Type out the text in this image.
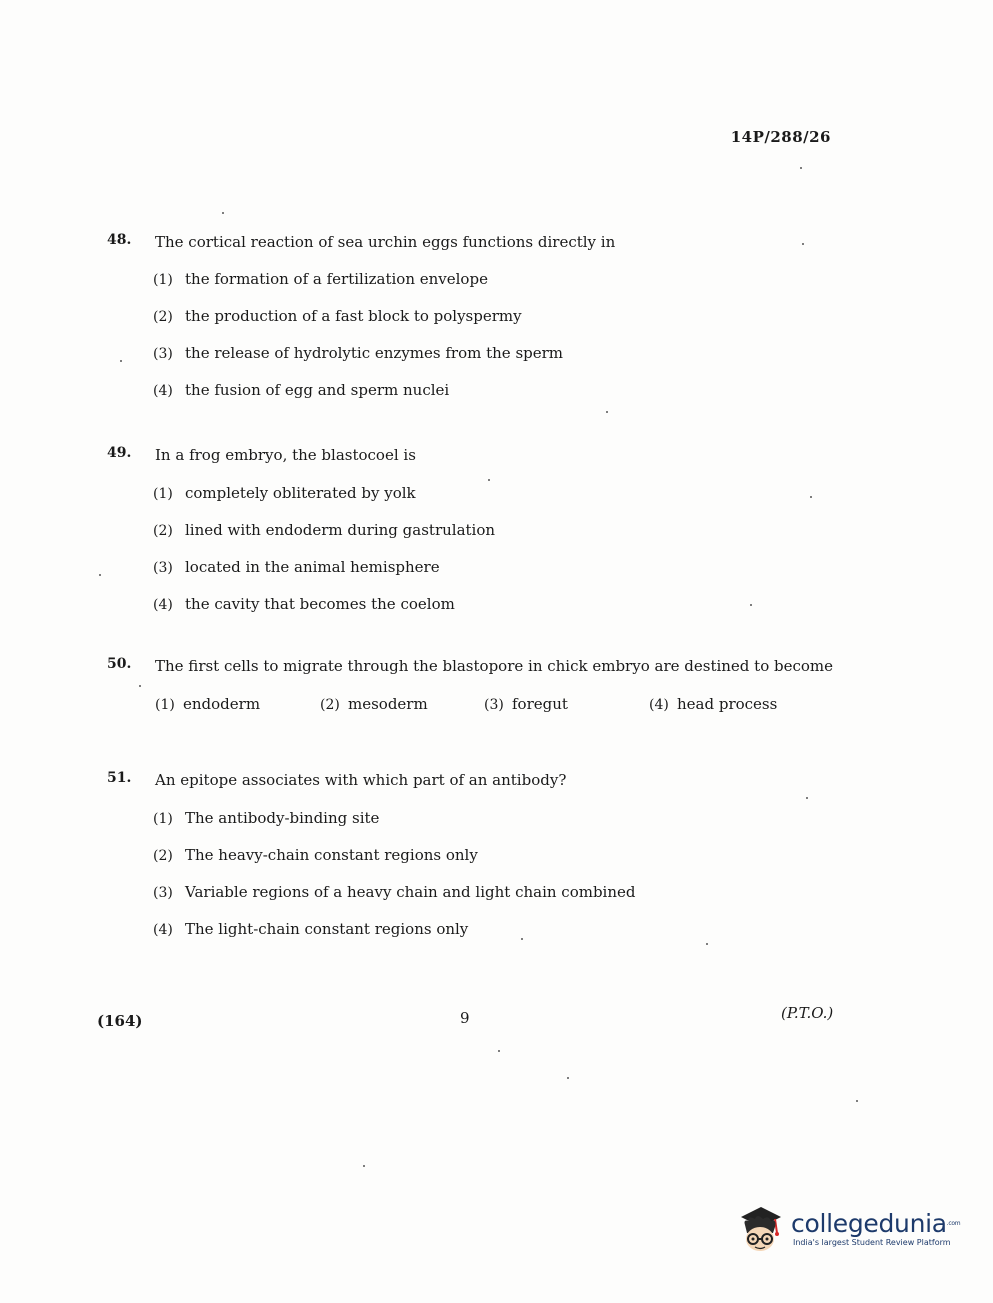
14P/288/26
48.	The cortical reaction of sea urchin eggs functions directly in
(1) the formation of a fertilization envelope
(2) the production of a fast block to polyspermy
(3) the release of hydrolytic enzymes from the sperm
(4) the fusion of egg and sperm nuclei
49.	In a frog embryo, the blastocoel is
(1) completely obliterated by yolk
(2) lined with endoderm during gastrulation
(3) located in the animal hemisphere
(4) the cavity that becomes the coelom
50.	The first cells to migrate through the blastopore in chick embryo are destined to become
(1) endoderm	(2) mesoderm	(3) foregut	(4) head process
51.	An epitope associates with which part of an antibody?
(1) The antibody-binding site
(2) The heavy-chain constant regions only
(3) Variable regions of a heavy chain and light chain combined
(4) The light-chain constant regions only
(164)	9	(P.T.O.)
collegedunia$^{.com}$
India's largest Student Review Platform
